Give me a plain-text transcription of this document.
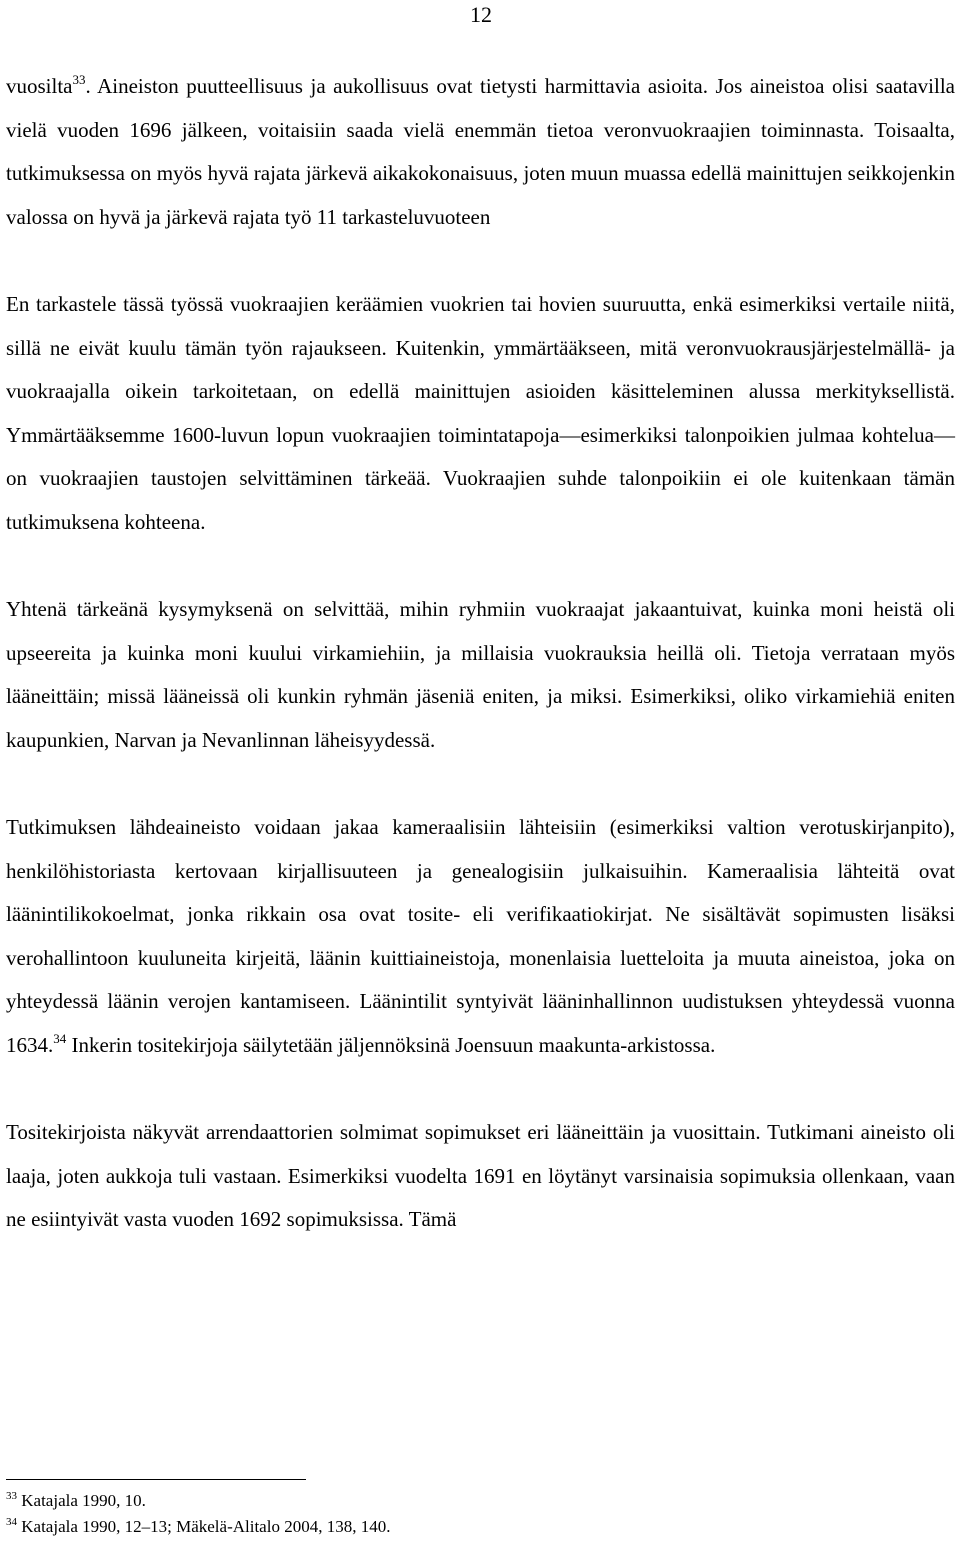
12

vuosilta$^{33}$. Aineiston puutteellisuus ja aukollisuus ovat tietysti harmittavia asioita. Jos aineistoa olisi saatavilla vielä vuoden 1696 jälkeen, voitaisiin saada vielä enemmän tietoa veronvuokraajien toiminnasta. Toisaalta, tutkimuksessa on myös hyvä rajata järkevä aikakokonaisuus, joten muun muassa edellä mainittujen seikkojenkin valossa on hyvä ja järkevä rajata työ 11 tarkasteluvuoteen

En tarkastele tässä työssä vuokraajien keräämien vuokrien tai hovien suuruutta, enkä esimerkiksi vertaile niitä, sillä ne eivät kuulu tämän työn rajaukseen. Kuitenkin, ymmärtääkseen, mitä veronvuokrausjärjestelmällä- ja vuokraajalla oikein tarkoitetaan, on edellä mainittujen asioiden käsitteleminen alussa merkityksellistä. Ymmärtääksemme 1600-luvun lopun vuokraajien toimintatapoja—esimerkiksi talonpoikien julmaa kohtelua—on vuokraajien taustojen selvittäminen tärkeää. Vuokraajien suhde talonpoikiin ei ole kuitenkaan tämän tutkimuksena kohteena.

Yhtenä tärkeänä kysymyksenä on selvittää, mihin ryhmiin vuokraajat jakaantuivat, kuinka moni heistä oli upseereita ja kuinka moni kuului virkamiehiin, ja millaisia vuokrauksia heillä oli. Tietoja verrataan myös lääneittäin; missä lääneissä oli kunkin ryhmän jäseniä eniten, ja miksi. Esimerkiksi, oliko virkamiehiä eniten kaupunkien, Narvan ja Nevanlinnan läheisyydessä.

Tutkimuksen lähdeaineisto voidaan jakaa kameraalisiin lähteisiin (esimerkiksi valtion verotuskirjanpito), henkilöhistoriasta kertovaan kirjallisuuteen ja genealogisiin julkaisuihin. Kameraalisia lähteitä ovat läänintilikokoelmat, jonka rikkain osa ovat tosite- eli verifikaatiokirjat. Ne sisältävät sopimusten lisäksi verohallintoon kuuluneita kirjeitä, läänin kuittiaineistoja, monenlaisia luetteloita ja muuta aineistoa, joka on yhteydessä läänin verojen kantamiseen. Läänintilit syntyivät lääninhallinnon uudistuksen yhteydessä vuonna 1634.34 Inkerin tositekirjoja säilytetään jäljennöksinä Joensuun maakunta-arkistossa.

Tositekirjoista näkyvät arrendaattorien solmimat sopimukset eri lääneittäin ja vuosittain. Tutkimani aineisto oli laaja, joten aukkoja tuli vastaan. Esimerkiksi vuodelta 1691 en löytänyt varsinaisia sopimuksia ollenkaan, vaan ne esiintyivät vasta vuoden 1692 sopimuksissa. Tämä

$^{33}$ Katajala 1990, 10.
$^{34}$ Katajala 1990, 12–13; Mäkelä-Alitalo 2004, 138, 140.
